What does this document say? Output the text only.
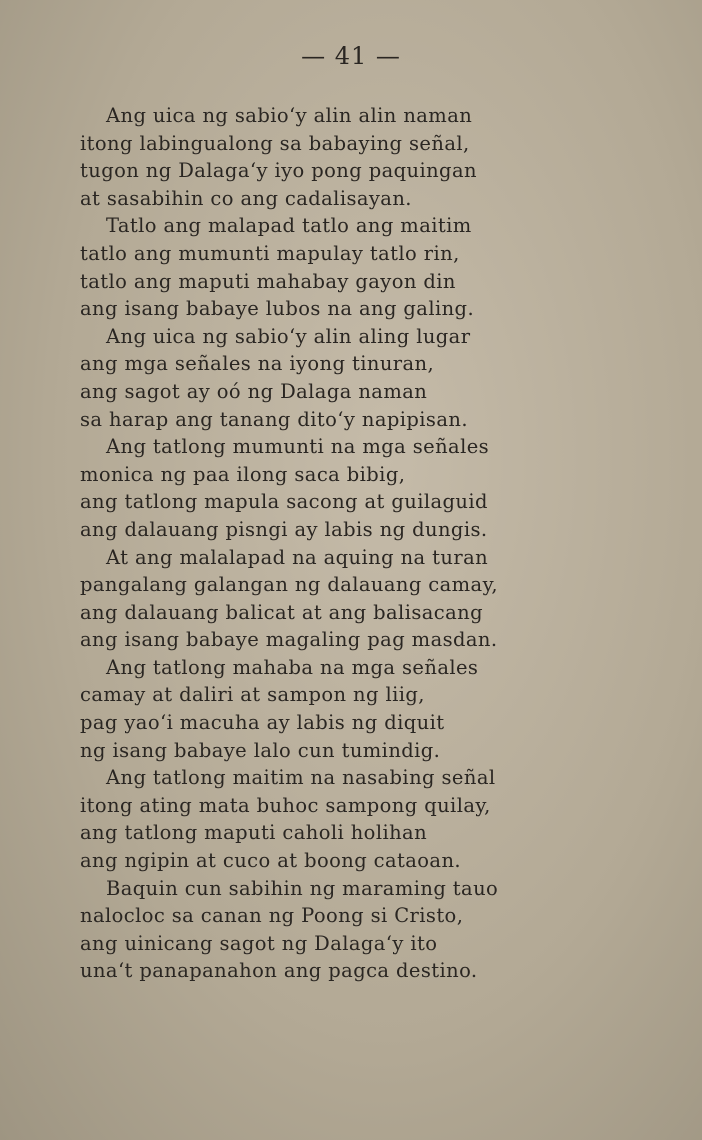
— 41 —
Ang uica ng sabio‘y alin alin naman
itong labingualong sa babaying señal,
tugon ng Dalaga‘y iyo pong paquingan
at sasabihin co ang cadalisayan.
Tatlo ang malapad tatlo ang maitim
tatlo ang mumunti mapulay tatlo rin,
tatlo ang maputi mahabay gayon din
ang isang babaye lubos na ang galing.
Ang uica ng sabio‘y alin aling lugar
ang mga señales na iyong tinuran,
ang sagot ay oó ng Dalaga naman
sa harap ang tanang dito‘y napipisan.
Ang tatlong mumunti na mga señales
monica ng paa ilong saca bibig,
ang tatlong mapula sacong at guilaguid
ang dalauang pisngi ay labis ng dungis.
At ang malalapad na aquing na turan
pangalang galangan ng dalauang camay,
ang dalauang balicat at ang balisacang
ang isang babaye magaling pag masdan.
Ang tatlong mahaba na mga señales
camay at daliri at sampon ng liig,
pag yao‘i macuha ay labis ng diquit
ng isang babaye lalo cun tumindig.
Ang tatlong maitim na nasabing señal
itong ating mata buhoc sampong quilay,
ang tatlong maputi caholi holihan
ang ngipin at cuco at boong cataoan.
Baquin cun sabihin ng maraming tauo
nalocloc sa canan ng Poong si Cristo,
ang uinicang sagot ng Dalaga‘y ito
una‘t panapanahon ang pagca destino.
